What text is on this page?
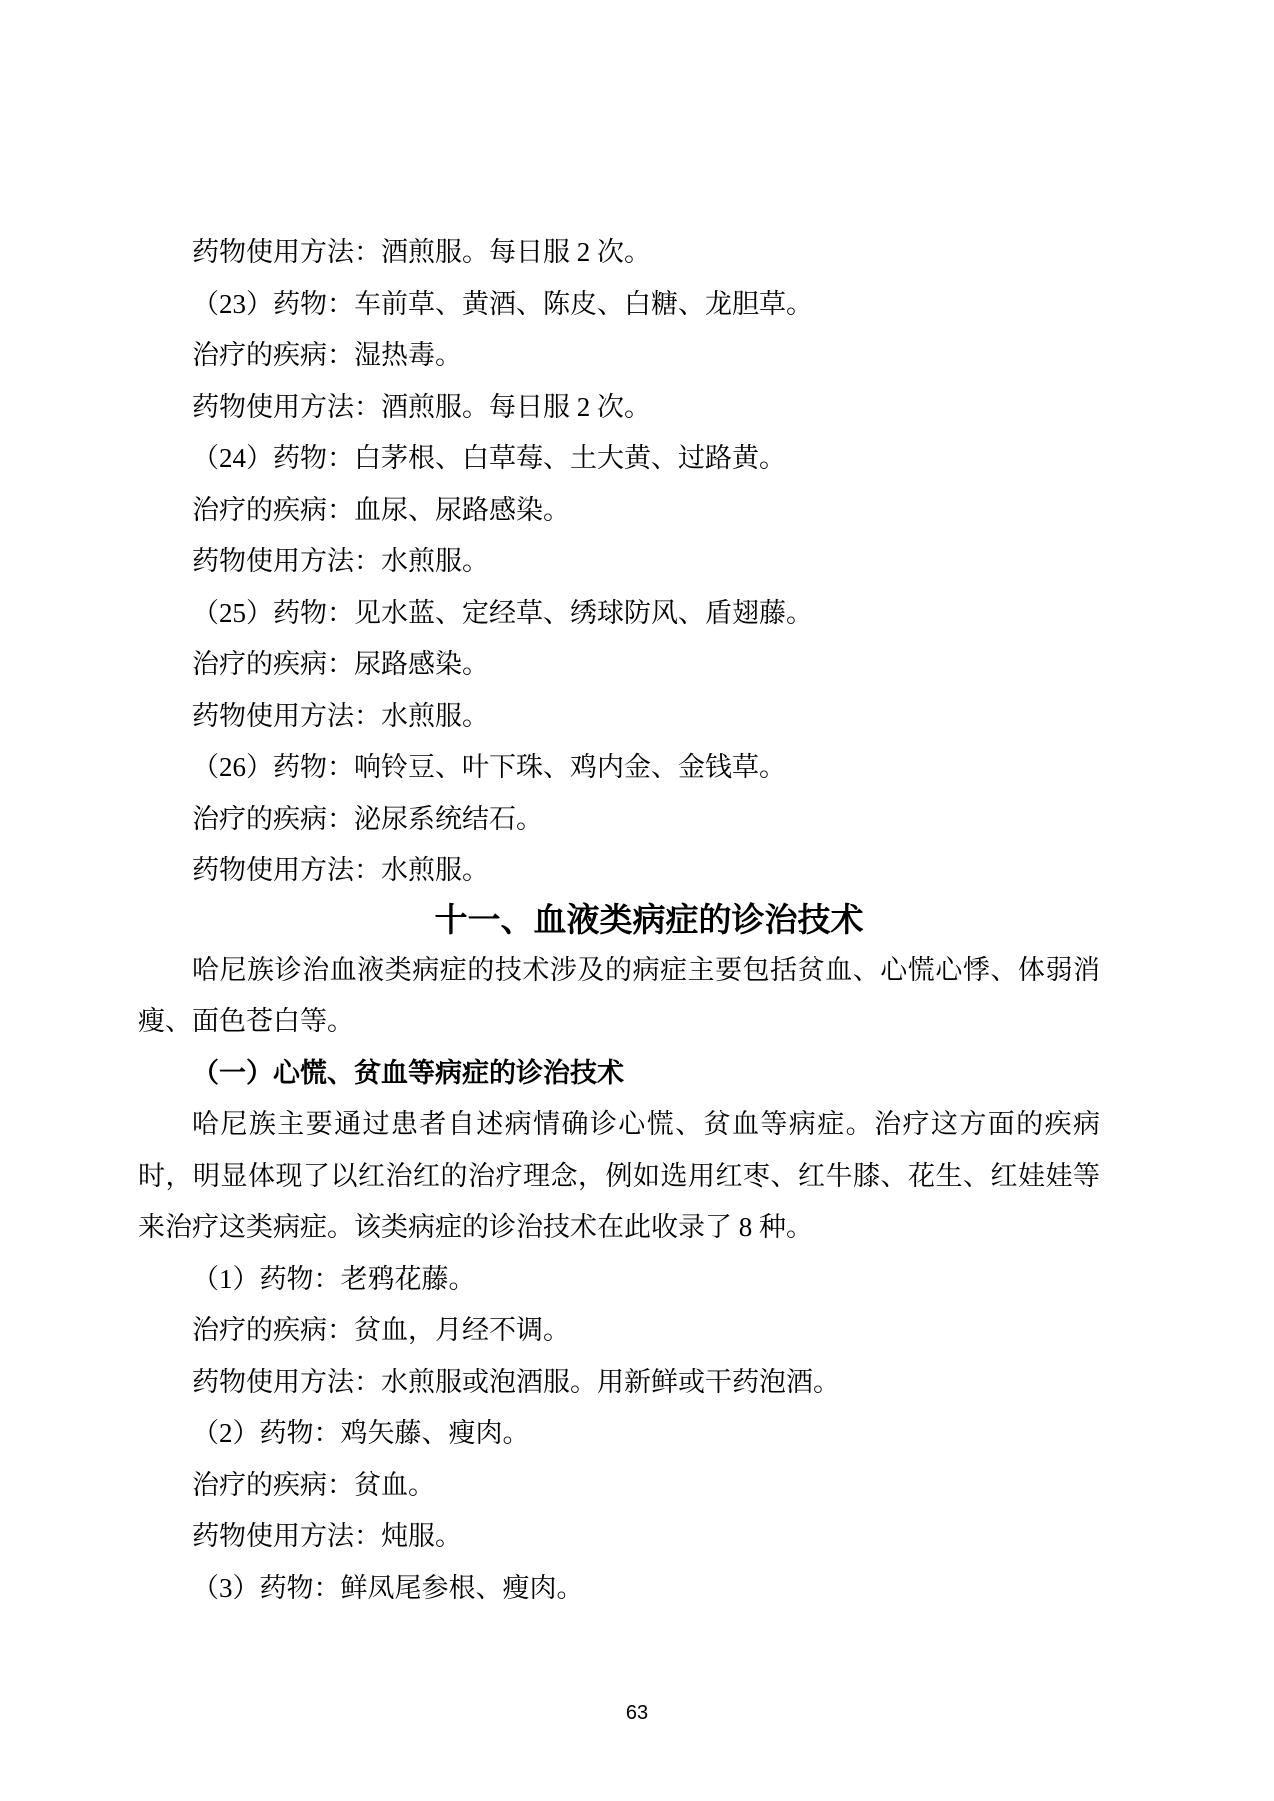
药物使用方法：酒煎服。每日服 2 次。

（23）药物：车前草、黄酒、陈皮、白糖、龙胆草。

治疗的疾病：湿热毒。

药物使用方法：酒煎服。每日服 2 次。

（24）药物：白茅根、白草莓、土大黄、过路黄。

治疗的疾病：血尿、尿路感染。

药物使用方法：水煎服。

（25）药物：见水蓝、定经草、绣球防风、盾翅藤。

治疗的疾病：尿路感染。

药物使用方法：水煎服。

（26）药物：响铃豆、叶下珠、鸡内金、金钱草。

治疗的疾病：泌尿系统结石。

药物使用方法：水煎服。

十一、血液类病症的诊治技术

哈尼族诊治血液类病症的技术涉及的病症主要包括贫血、心慌心悸、体弱消瘦、面色苍白等。

（一）心慌、贫血等病症的诊治技术

哈尼族主要通过患者自述病情确诊心慌、贫血等病症。治疗这方面的疾病时，明显体现了以红治红的治疗理念，例如选用红枣、红牛膝、花生、红娃娃等来治疗这类病症。该类病症的诊治技术在此收录了 8 种。

（1）药物：老鸦花藤。

治疗的疾病：贫血，月经不调。

药物使用方法：水煎服或泡酒服。用新鲜或干药泡酒。

（2）药物：鸡矢藤、瘦肉。

治疗的疾病：贫血。

药物使用方法：炖服。

（3）药物：鲜凤尾参根、瘦肉。

63
